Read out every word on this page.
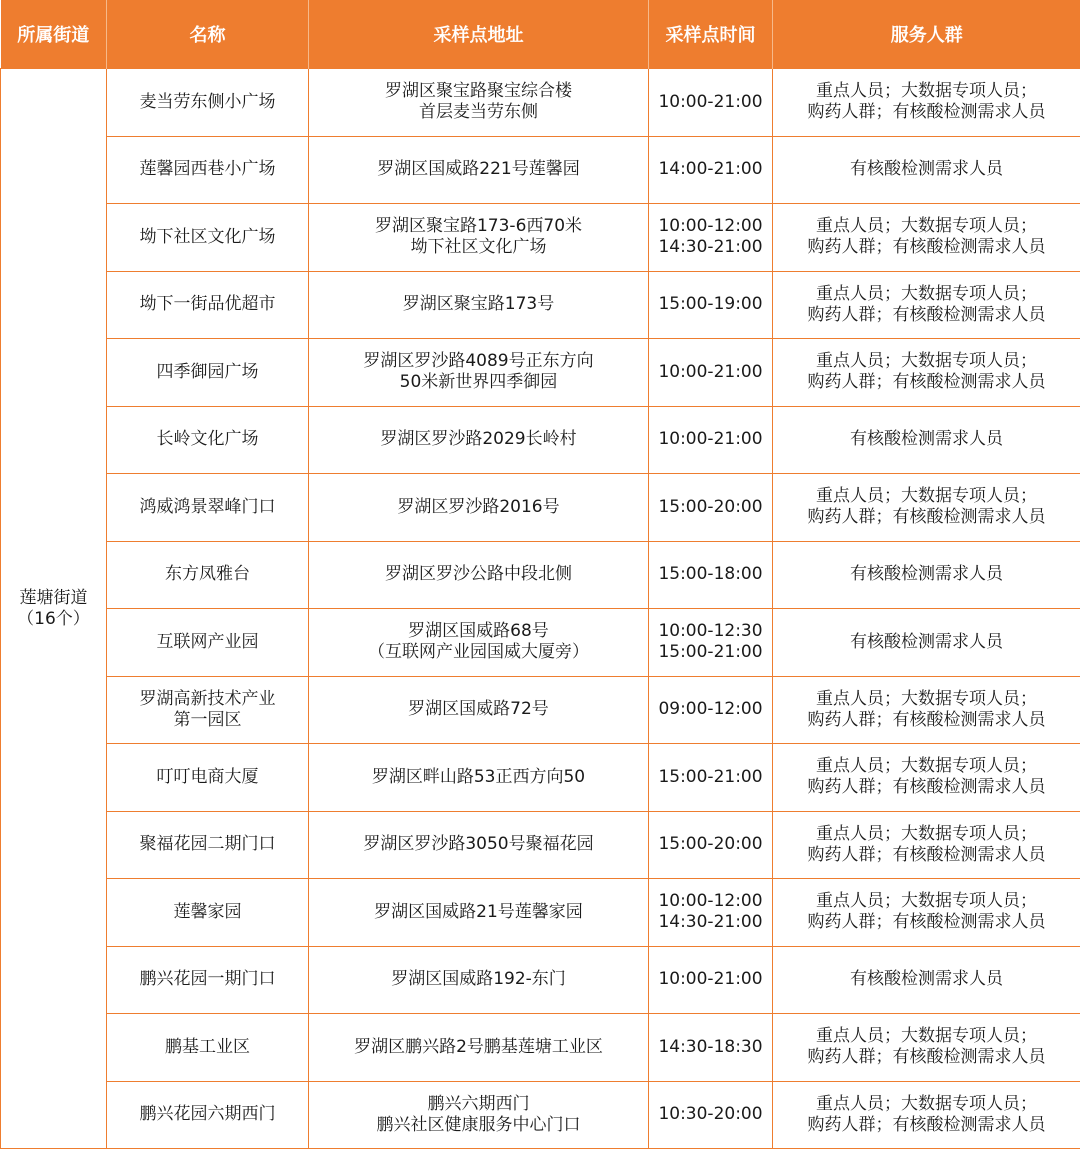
所属街道	名称	采样点地址	采样点时间	服务人群

莲塘街道
（16个）	麦当劳东侧小广场	罗湖区聚宝路聚宝综合楼
首层麦当劳东侧	10:00-21:00	重点人员；大数据专项人员；
购药人群；有核酸检测需求人员

	莲馨园西巷小广场	罗湖区国威路221号莲馨园	14:00-21:00	有核酸检测需求人员

	坳下社区文化广场	罗湖区聚宝路173-6西70米
坳下社区文化广场	10:00-12:00
14:30-21:00	重点人员；大数据专项人员；
购药人群；有核酸检测需求人员

	坳下一街品优超市	罗湖区聚宝路173号	15:00-19:00	重点人员；大数据专项人员；
购药人群；有核酸检测需求人员

	四季御园广场	罗湖区罗沙路4089号正东方向
50米新世界四季御园	10:00-21:00	重点人员；大数据专项人员；
购药人群；有核酸检测需求人员

	长岭文化广场	罗湖区罗沙路2029长岭村	10:00-21:00	有核酸检测需求人员

	鸿威鸿景翠峰门口	罗湖区罗沙路2016号	15:00-20:00	重点人员；大数据专项人员；
购药人群；有核酸检测需求人员

	东方凤雅台	罗湖区罗沙公路中段北侧	15:00-18:00	有核酸检测需求人员

	互联网产业园	罗湖区国威路68号
（互联网产业园国威大厦旁）	10:00-12:30
15:00-21:00	有核酸检测需求人员

	罗湖高新技术产业
第一园区	罗湖区国威路72号	09:00-12:00	重点人员；大数据专项人员；
购药人群；有核酸检测需求人员

	叮叮电商大厦	罗湖区畔山路53正西方向50	15:00-21:00	重点人员；大数据专项人员；
购药人群；有核酸检测需求人员

	聚福花园二期门口	罗湖区罗沙路3050号聚福花园	15:00-20:00	重点人员；大数据专项人员；
购药人群；有核酸检测需求人员

	莲馨家园	罗湖区国威路21号莲馨家园	10:00-12:00
14:30-21:00	重点人员；大数据专项人员；
购药人群；有核酸检测需求人员

	鹏兴花园一期门口	罗湖区国威路192-东门	10:00-21:00	有核酸检测需求人员

	鹏基工业区	罗湖区鹏兴路2号鹏基莲塘工业区	14:30-18:30	重点人员；大数据专项人员；
购药人群；有核酸检测需求人员

	鹏兴花园六期西门	鹏兴六期西门
鹏兴社区健康服务中心门口	10:30-20:00	重点人员；大数据专项人员；
购药人群；有核酸检测需求人员
